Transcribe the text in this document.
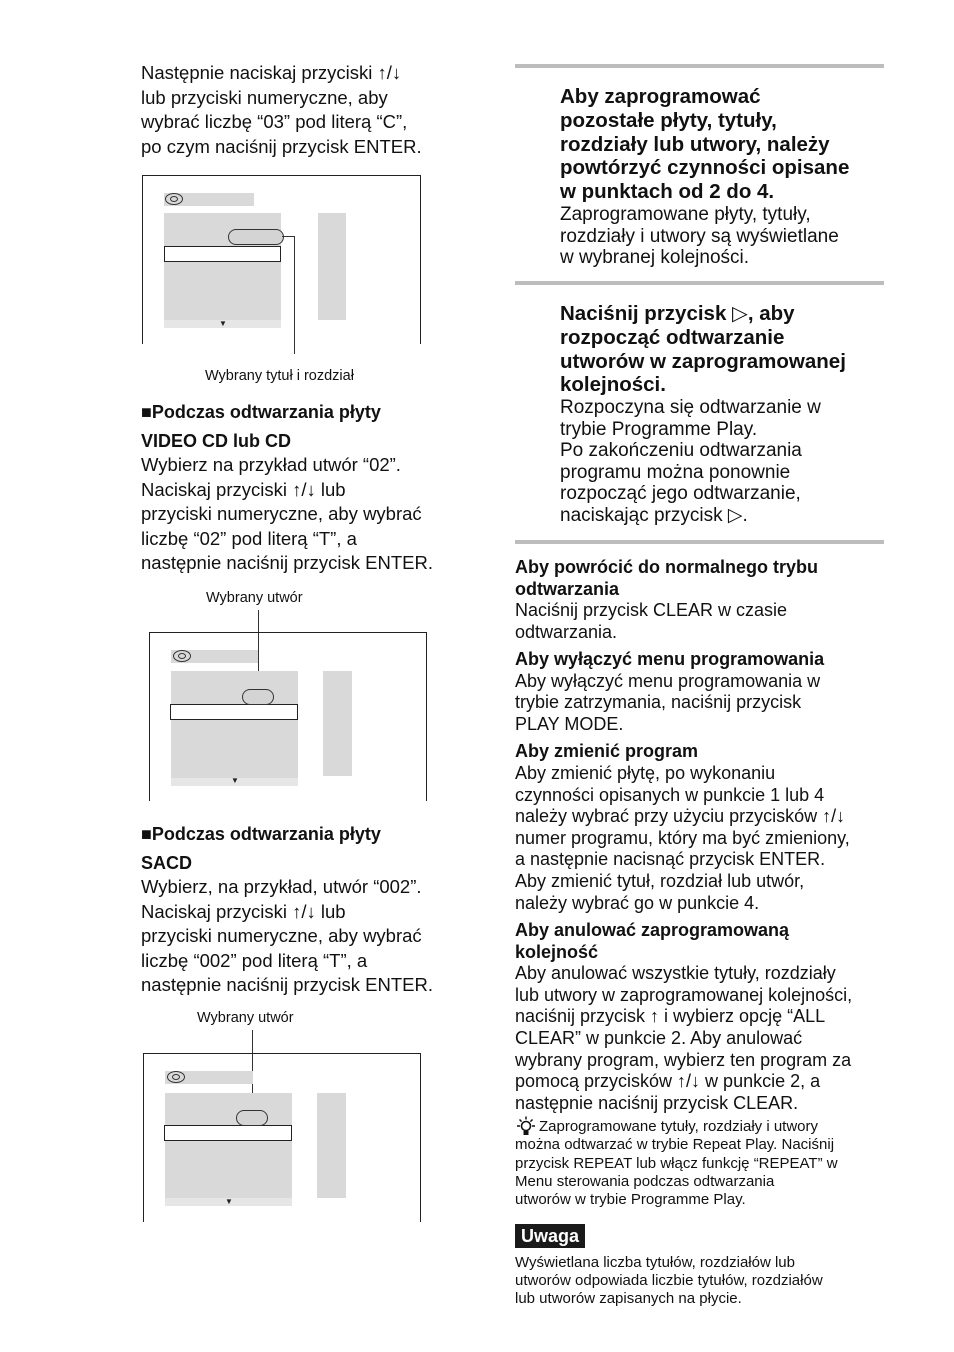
Następnie naciskaj przyciski ↑/↓
lub przyciski numeryczne, aby
wybrać liczbę “03” pod literą “C”,
po czym naciśnij przycisk ENTER.
▼
Wybrany tytuł i rozdział
■Podczas odtwarzania płyty
VIDEO CD lub CD
Wybierz na przykład utwór “02”.
Naciskaj przyciski ↑/↓ lub
przyciski numeryczne, aby wybrać
liczbę “02” pod literą “T”, a
następnie naciśnij przycisk ENTER.
Wybrany utwór
▼
■Podczas odtwarzania płyty
SACD
Wybierz, na przykład, utwór “002”.
Naciskaj przyciski ↑/↓ lub
przyciski numeryczne, aby wybrać
liczbę “002” pod literą “T”, a
następnie naciśnij przycisk ENTER.
Wybrany utwór
▼
Aby zaprogramować
pozostałe płyty, tytuły,
rozdziały lub utwory, należy
powtórzyć czynności opisane
w punktach od 2 do 4.
Zaprogramowane płyty, tytuły,
rozdziały i utwory są wyświetlane
w wybranej kolejności.
Naciśnij przycisk ▷, aby
rozpocząć odtwarzanie
utworów w zaprogramowanej
kolejności.
Rozpoczyna się odtwarzanie w
trybie Programme Play.
Po zakończeniu odtwarzania
programu można ponownie
rozpocząć jego odtwarzanie,
naciskając przycisk ▷.
Aby powrócić do normalnego trybu
odtwarzania
Naciśnij przycisk CLEAR w czasie
odtwarzania.
Aby wyłączyć menu programowania
Aby wyłączyć menu programowania w
trybie zatrzymania, naciśnij przycisk
PLAY MODE.
Aby zmienić program
Aby zmienić płytę, po wykonaniu
czynności opisanych w punkcie 1 lub 4
należy wybrać przy użyciu przycisków ↑/↓
numer programu, który ma być zmieniony,
a następnie nacisnąć przycisk ENTER.
Aby zmienić tytuł, rozdział lub utwór,
należy wybrać go w punkcie 4.
Aby anulować zaprogramowaną
kolejność
Aby anulować wszystkie tytuły, rozdziały
lub utwory w zaprogramowanej kolejności,
naciśnij przycisk ↑ i wybierz opcję “ALL
CLEAR” w punkcie 2. Aby anulować
wybrany program, wybierz ten program za
pomocą przycisków ↑/↓ w punkcie 2, a
następnie naciśnij przycisk CLEAR.
Zaprogramowane tytuły, rozdziały i utwory
można odtwarzać w trybie Repeat Play. Naciśnij
przycisk REPEAT lub włącz funkcję “REPEAT” w
Menu sterowania podczas odtwarzania
utworów w trybie Programme Play.
Uwaga
Wyświetlana liczba tytułów, rozdziałów lub
utworów odpowiada liczbie tytułów, rozdziałów
lub utworów zapisanych na płycie.
